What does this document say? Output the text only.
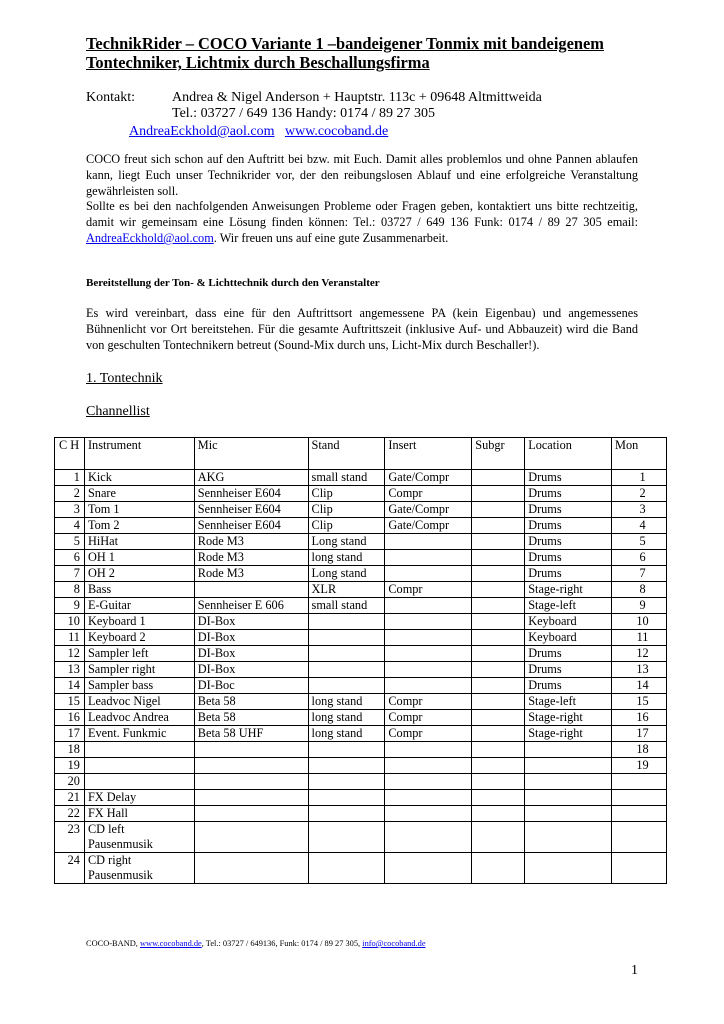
TechnikRider – COCO Variante 1 –bandeigener Tonmix mit bandeigenem Tontechniker, Lichtmix durch Beschallungsfirma
Kontakt:	Andrea & Nigel Anderson + Hauptstr. 113c + 09648 Altmittweida
Tel.: 03727 / 649 136 Handy: 0174 / 89 27 305
AndreaEckhold@aol.com www.cocoband.de
COCO freut sich schon auf den Auftritt bei bzw. mit Euch. Damit alles problemlos und ohne Pannen ablaufen kann, liegt Euch unser Technikrider vor, der den reibungslosen Ablauf und eine erfolgreiche Veranstaltung gewährleisten soll.
Sollte es bei den nachfolgenden Anweisungen Probleme oder Fragen geben, kontaktiert uns bitte rechtzeitig, damit wir gemeinsam eine Lösung finden können: Tel.: 03727 / 649 136 Funk: 0174 / 89 27 305 email: AndreaEckhold@aol.com. Wir freuen uns auf eine gute Zusammenarbeit.
Bereitstellung der Ton- & Lichttechnik durch den Veranstalter
Es wird vereinbart, dass eine für den Auftrittsort angemessene PA (kein Eigenbau) und angemessenes Bühnenlicht vor Ort bereitstehen. Für die gesamte Auftrittszeit (inklusive Auf- und Abbauzeit) wird die Band von geschulten Tontechnikern betreut (Sound-Mix durch uns, Licht-Mix durch Beschaller!).
1. Tontechnik
Channellist
C H	Instrument	Mic	Stand	Insert	Subgr	Location	Mon
1	Kick	AKG	small stand	Gate/Compr		Drums	1
2	Snare	Sennheiser E604	Clip	Compr		Drums	2
3	Tom 1	Sennheiser E604	Clip	Gate/Compr		Drums	3
4	Tom 2	Sennheiser E604	Clip	Gate/Compr		Drums	4
5	HiHat	Rode M3	Long stand			Drums	5
6	OH 1	Rode M3	long stand			Drums	6
7	OH 2	Rode M3	Long stand			Drums	7
8	Bass		XLR	Compr		Stage-right	8
9	E-Guitar	Sennheiser E 606	small stand			Stage-left	9
10	Keyboard 1	DI-Box				Keyboard	10
11	Keyboard 2	DI-Box				Keyboard	11
12	Sampler left	DI-Box				Drums	12
13	Sampler right	DI-Box				Drums	13
14	Sampler bass	DI-Boc				Drums	14
15	Leadvoc Nigel	Beta 58	long stand	Compr		Stage-left	15
16	Leadvoc Andrea	Beta 58	long stand	Compr		Stage-right	16
17	Event. Funkmic	Beta 58 UHF	long stand	Compr		Stage-right	17
18							18
19							19
20							
21	FX Delay						
22	FX Hall						
23	CD left Pausenmusik						
24	CD right Pausenmusik						
COCO-BAND, www.cocoband.de, Tel.: 03727 / 649136, Funk: 0174 / 89 27 305, info@cocoband.de
1
